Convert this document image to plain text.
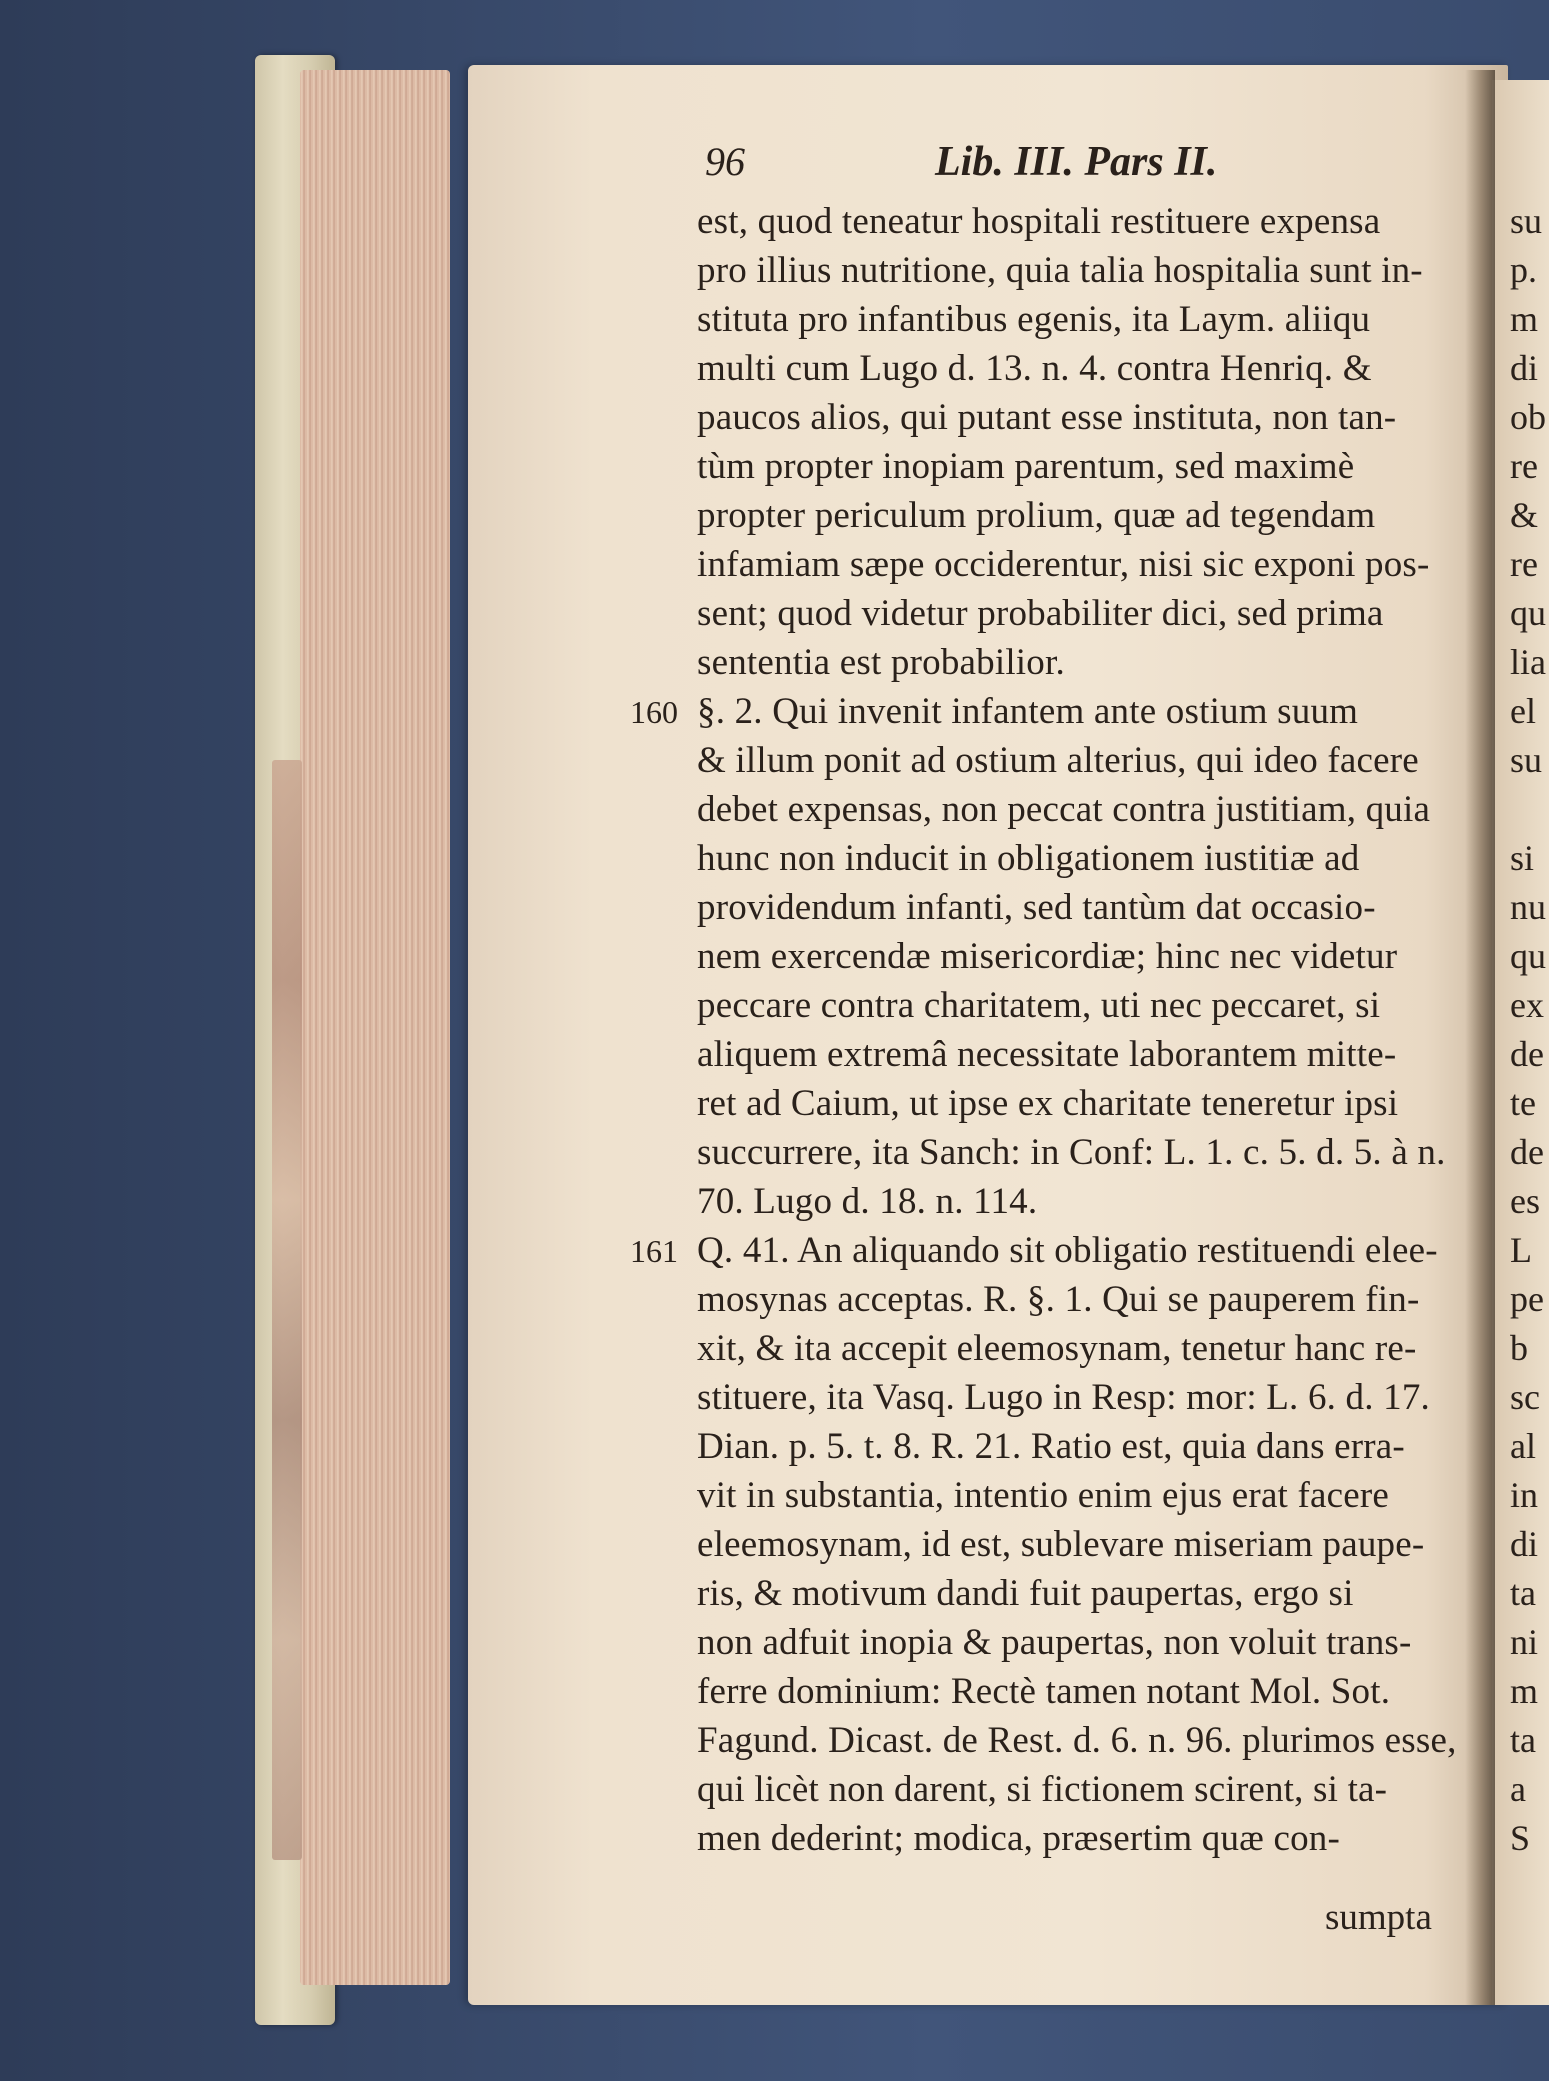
96	Lib. III. Pars II.
est, quod teneatur hospitali restituere expensa
pro illius nutritione, quia talia hospitalia sunt in-
stituta pro infantibus egenis, ita Laym. aliiqu
multi cum Lugo d. 13. n. 4. contra Henriq. &
paucos alios, qui putant esse instituta, non tan-
tùm propter inopiam parentum, sed maximè
propter periculum prolium, quæ ad tegendam
infamiam sæpe occiderentur, nisi sic exponi pos-
sent; quod videtur probabiliter dici, sed prima
sententia est probabilior.
§. 2. Qui invenit infantem ante ostium suum
& illum ponit ad ostium alterius, qui ideo facere
debet expensas, non peccat contra justitiam, quia
hunc non inducit in obligationem iustitiæ ad
providendum infanti, sed tantùm dat occasio-
nem exercendæ misericordiæ; hinc nec videtur
peccare contra charitatem, uti nec peccaret, si
aliquem extremâ necessitate laborantem mitte-
ret ad Caium, ut ipse ex charitate teneretur ipsi
succurrere, ita Sanch: in Conf: L. 1. c. 5. d. 5. à n.
70. Lugo d. 18. n. 114.
Q. 41. An aliquando sit obligatio restituendi elee-
mosynas acceptas. R. §. 1. Qui se pauperem fin-
xit, & ita accepit eleemosynam, tenetur hanc re-
stituere, ita Vasq. Lugo in Resp: mor: L. 6. d. 17.
Dian. p. 5. t. 8. R. 21. Ratio est, quia dans erra-
vit in substantia, intentio enim ejus erat facere
eleemosynam, id est, sublevare miseriam paupe-
ris, & motivum dandi fuit paupertas, ergo si
non adfuit inopia & paupertas, non voluit trans-
ferre dominium: Rectè tamen notant Mol. Sot.
Fagund. Dicast. de Rest. d. 6. n. 96. plurimos esse,
qui licèt non darent, si fictionem scirent, si ta-
men dederint; modica, præsertim quæ con-
160
161
su
p.
m
di
ob
re
&
re
qu
lia
el
su
si
nu
qu
ex
de
te
de
es
L
pe
b
sc
al
in
di
ta
ni
m
ta
a
S
sumpta
